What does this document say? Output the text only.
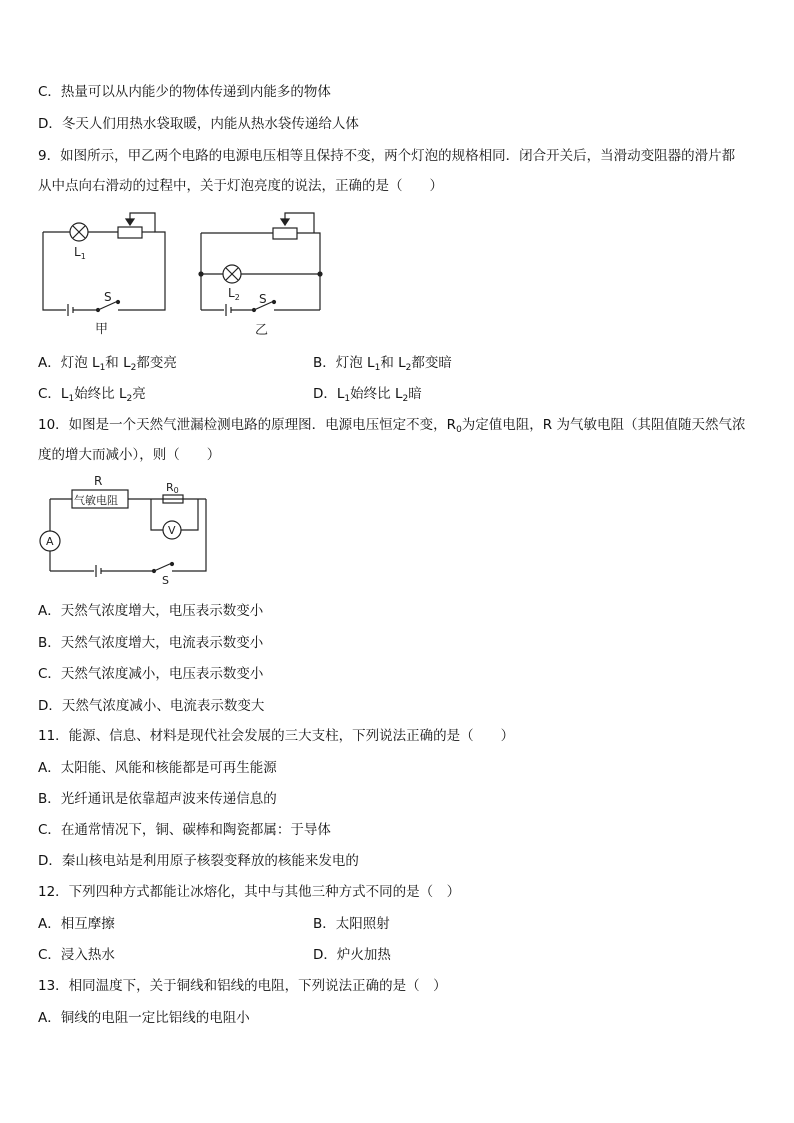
C．热量可以从内能少的物体传递到内能多的物体
D．冬天人们用热水袋取暖，内能从热水袋传递给人体
9．如图所示，甲乙两个电路的电源电压相等且保持不变，两个灯泡的规格相同．闭合开关后，当滑动变阻器的滑片都
从中点向右滑动的过程中，关于灯泡亮度的说法，正确的是（　　）
$L_1$
S
甲
$L_2$ S
乙
A．灯泡 $L_1$和 $L_2$都变亮	B．灯泡 $L_1$和 $L_2$都变暗
C．$L_1$始终比 $L_2$亮	D．$L_1$始终比 $L_2$暗
10．如图是一个天然气泄漏检测电路的原理图．电源电压恒定不变，$R_0$为定值电阻，R 为气敏电阻（其阻值随天然气浓
度的增大而减小），则（　　）
R
气敏电阻
R0
A
V
S
A．天然气浓度增大，电压表示数变小
B．天然气浓度增大，电流表示数变小
C．天然气浓度减小，电压表示数变小
D．天然气浓度减小、电流表示数变大
11．能源、信息、材料是现代社会发展的三大支柱，下列说法正确的是（　　）
A．太阳能、风能和核能都是可再生能源
B．光纤通讯是依靠超声波来传递信息的
C．在通常情况下，铜、碳棒和陶瓷都属：于导体
D．秦山核电站是利用原子核裂变释放的核能来发电的
12．下列四种方式都能让冰熔化，其中与其他三种方式不同的是（　）
A．相互摩擦	B．太阳照射
C．浸入热水	D．炉火加热
13．相同温度下，关于铜线和铝线的电阻，下列说法正确的是（　）
A．铜线的电阻一定比铝线的电阻小
